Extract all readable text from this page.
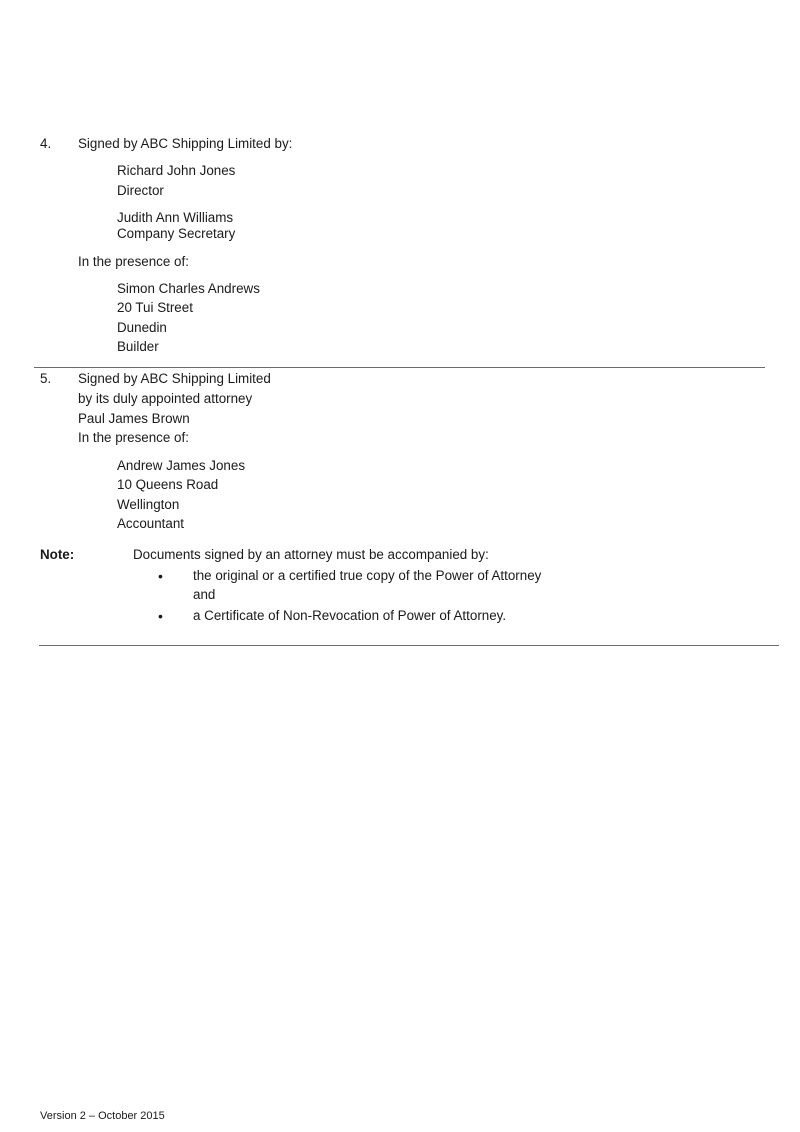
4. Signed by ABC Shipping Limited by:
Richard John Jones
Director
Judith Ann Williams
Company Secretary
In the presence of:
Simon Charles Andrews
20 Tui Street
Dunedin
Builder
5. Signed by ABC Shipping Limited
by its duly appointed attorney
Paul James Brown
In the presence of:
Andrew James Jones
10 Queens Road
Wellington
Accountant
Note:	Documents signed by an attorney must be accompanied by:
• the original or a certified true copy of the Power of Attorney
and
• a Certificate of Non-Revocation of Power of Attorney.
Version 2 – October 2015
